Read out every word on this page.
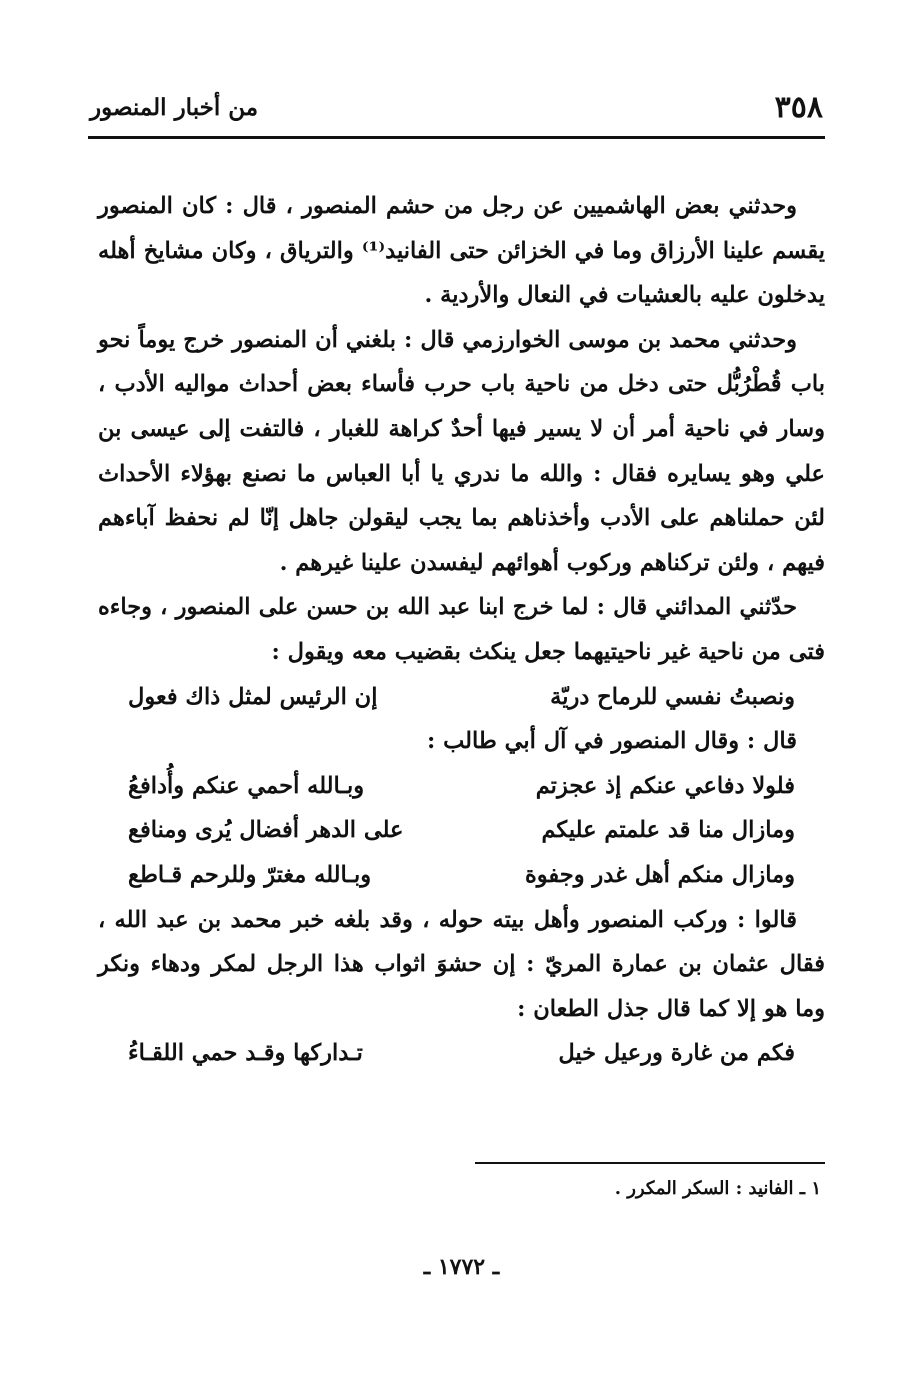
٣٥٨
من أخبار المنصور

وحدثني بعض الهاشميين عن رجل من حشم المنصور ، قال : كان المنصور يقسم علينا الأرزاق وما في الخزائن حتى الفانيد⁽¹⁾ والترياق ، وكان مشايخ أهله يدخلون عليه بالعشيات في النعال والأردية .

وحدثني محمد بن موسى الخوارزمي قال : بلغني أن المنصور خرج يوماً نحو باب قُطْرُبُّل حتى دخل من ناحية باب حرب فأساء بعض أحداث مواليه الأدب ، وسار في ناحية أمر أن لا يسير فيها أحدٌ كراهة للغبار ، فالتفت إلى عيسى بن علي وهو يسايره فقال : والله ما ندري يا أبا العباس ما نصنع بهؤلاء الأحداث لئن حملناهم على الأدب وأخذناهم بما يجب ليقولن جاهل إنّا لم نحفظ آباءهم فيهم ، ولئن تركناهم وركوب أهوائهم ليفسدن علينا غيرهم .

حدّثني المدائني قال : لما خرج ابنا عبد الله بن حسن على المنصور ، وجاءه فتى من ناحية غير ناحيتيهما جعل ينكث بقضيب معه ويقول :

ونصبتُ نفسي للرماح دريّة
إن الرئيس لمثل ذاك فعول

قال : وقال المنصور في آل أبي طالب :

فلولا دفاعي عنكم إذ عجزتم
وبـالله أحمي عنكم وأُدافعُ
ومازال منا قد علمتم عليكم
على الدهر أفضال يُرى ومنافع
ومازال منكم أهل غدر وجفوة
وبـالله مغترّ وللرحم قـاطع

قالوا : وركب المنصور وأهل بيته حوله ، وقد بلغه خبر محمد بن عبد الله ، فقال عثمان بن عمارة المريّ : إن حشوَ اثواب هذا الرجل لمكر ودهاء ونكر وما هو إلا كما قال جذل الطعان :

فكم من غارة ورعيل خيل
تـداركها وقـد حمي اللقـاءُ
١ ـ الفانيد : السكر المكرر .
ـ ١٧٧٢ ـ
